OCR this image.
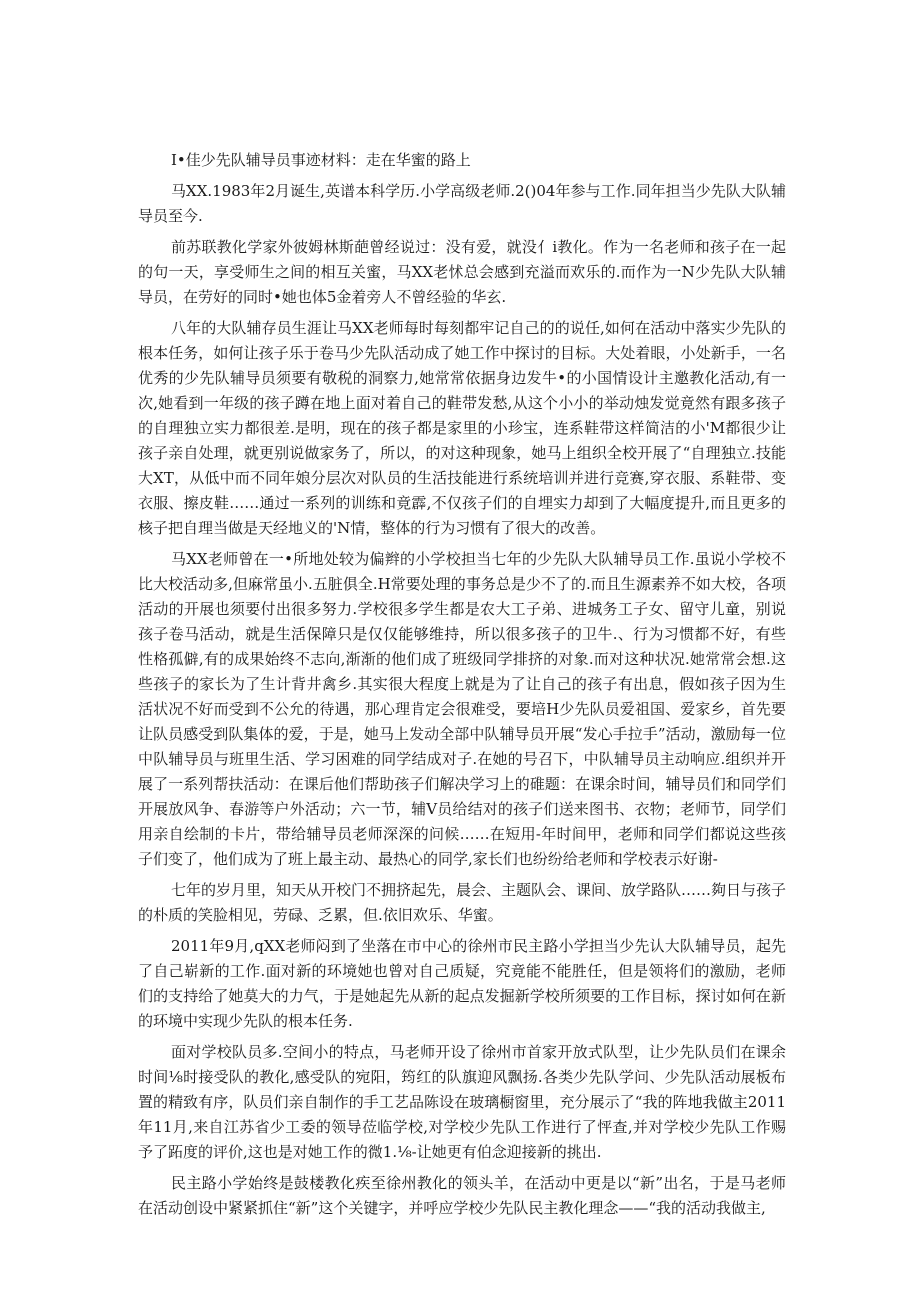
I•佳少先队辅导员事迹材料：走在华蜜的路上

马XX.1983年2月诞生,英谱本科学历.小学高级老师.2()04年参与工作.同年担当少先队大队辅导员至今.

前苏联教化学家外彼姆林斯葩曾经说过：没有爱，就没亻i教化。作为一名老师和孩子在一起的句一天，享受师生之间的相互关蜜，马XX老怵总会感到充溢而欢乐的.而作为一N少先队大队辅导员，在劳好的同时•她也体5金着旁人不曾经验的华玄.

八年的大队辅存员生涯让马XX老师每时每刻都牢记自己的的说任,如何在活动中落实少先队的根本任务，如何让孩子乐于卷马少先队活动成了她工作中探讨的目标。大处着眼，小处新手，一名优秀的少先队辅导员须要有敬税的洞察力,她常常依据身边发牛•的小国情设计主邀教化活动,有一次,她看到一年级的孩子蹲在地上面对着自己的鞋带发愁,从这个小小的举动烛发觉竟然有跟多孩子的自理独立实力都很差.是明，现在的孩子都是家里的小珍宝，连系鞋带这样简洁的小'M都很少让孩子亲自处理，就更别说做家务了，所以，的对这种现象，她马上组织全校开展了“自理独立.技能大XT，从低中而不同年娘分层次对队员的生活技能进行系统培训并进行竞赛,穿衣服、系鞋带、变衣服、擦皮鞋……通过一系列的训练和竟霹,不仅孩子们的自埋实力却到了大幅度提升,而且更多的核子把自理当做是天经地义的'N情，整体的行为习惯有了很大的改善。

马XX老师曾在一•所地处较为偏辫的小学校担当七年的少先队大队辅导员工作.虽说小学校不比大校活动多,但麻常虽小.五脏俱全.H常要处理的事务总是少不了的.而且生源素养不如大校，各项活动的开展也须要付出很多努力.学校很多学生都是农大工子弟、进城务工子女、留守儿童，别说孩子卷马活动，就是生活保障只是仅仅能够维持，所以很多孩子的卫牛.、行为习惯都不好，有些性格孤僻,有的成果始终不志向,渐渐的他们成了班级同学排挤的对象.而对这种状况.她常常会想.这些孩子的家长为了生计背井禽乡.其实很大程度上就是为了让自己的孩子有出息，假如孩子因为生活状况不好而受到不公允的待遇，那心理肯定会很难受，要培H少先队员爱祖国、爱家乡，首先要让队员感受到队集体的爱，于是，她马上发动全部中队辅导员开展“发心手拉手”活动，激励每一位中队辅导员与班里生活、学习困难的同学结成对子.在她的号召下，中队辅导员主动响应.组织并开展了一系列帮扶活动：在课后他们帮助孩子们解决学习上的碓题：在课余时间，辅导员们和同学们开展放风争、春游等户外活动；六一节，辅V员给结对的孩子们送来图书、衣物；老师节，同学们用亲自绘制的卡片，带给辅导员老师深深的问候……在短用-年时间甲，老师和同学们都说这些孩子们变了，他们成为了班上最主动、最热心的同学,家长们也纷纷给老师和学校表示好谢-

七年的岁月里，知天从开校门不拥挤起先，晨会、主题队会、课间、放学路队……夠日与孩子的朴质的笑脸相见，劳碌、乏累，但.依旧欢乐、华蜜。

2011年9月,qXX老师闷到了坐落在市中心的徐州市民主路小学担当少先认大队辅导员，起先了自己崭新的工作.面对新的环境她也曾对自己质疑，究竟能不能胜任，但是领将们的激励，老师们的支持给了她莫大的力气，于是她起先从新的起点发掘新学校所须要的工作目标，探讨如何在新的环境中实现少先队的根本任务.

面对学校队员多.空间小的特点，马老师开设了徐州市首家开放式队型，让少先队员们在课余时间⅛时接受队的教化,感受队的宛阳，筠红的队旗迎风飘扬.各类少先队学问、少先队活动展板布置的精致有序，队员们亲自制作的手工艺品陈设在玻璃橱窗里，充分展示了“我的阵地我做主2011年11月,来自江苏省少工委的领导莅临学校,对学校少先队工作进行了怦查,并对学校少先队工作赐予了跖度的评价,这也是对她工作的微1.⅛-让她更有伯念迎接新的挑出.

民主路小学始终是鼓楼教化疾至徐州教化的领头羊，在活动中更是以“新”出名，于是马老师在活动创设中紧紧抓住“新”这个关键字，并呼应学校少先队民主教化理念——“我的活动我做主,
